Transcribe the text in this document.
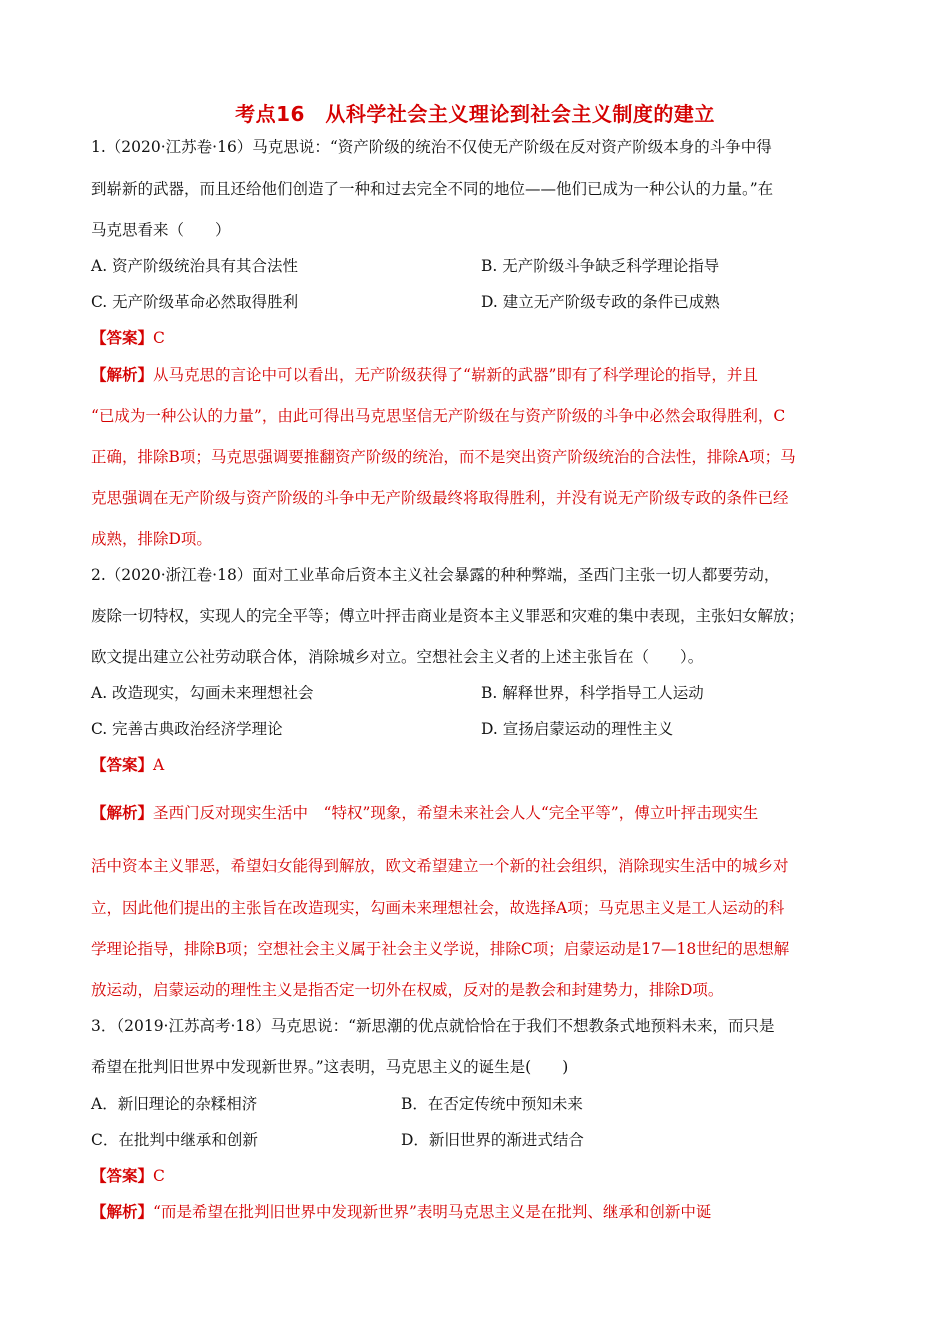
考点16　从科学社会主义理论到社会主义制度的建立
1.（2020·江苏卷·16）马克思说：“资产阶级的统治不仅使无产阶级在反对资产阶级本身的斗争中得
到崭新的武器，而且还给他们创造了一种和过去完全不同的地位——他们已成为一种公认的力量。”在
马克思看来（　　）
A. 资产阶级统治具有其合法性	B. 无产阶级斗争缺乏科学理论指导
C. 无产阶级革命必然取得胜利	D. 建立无产阶级专政的条件已成熟
【答案】C
【解析】从马克思的言论中可以看出，无产阶级获得了“崭新的武器”即有了科学理论的指导，并且
“已成为一种公认的力量”，由此可得出马克思坚信无产阶级在与资产阶级的斗争中必然会取得胜利，C
正确，排除B项；马克思强调要推翻资产阶级的统治，而不是突出资产阶级统治的合法性，排除A项；马
克思强调在无产阶级与资产阶级的斗争中无产阶级最终将取得胜利，并没有说无产阶级专政的条件已经
成熟，排除D项。
2.（2020·浙江卷·18）面对工业革命后资本主义社会暴露的种种弊端，圣西门主张一切人都要劳动，
废除一切特权，实现人的完全平等；傅立叶抨击商业是资本主义罪恶和灾难的集中表现，主张妇女解放；
欧文提出建立公社劳动联合体，消除城乡对立。空想社会主义者的上述主张旨在（　　）。
A. 改造现实，勾画未来理想社会	B. 解释世界，科学指导工人运动
C. 完善古典政治经济学理论	D. 宣扬启蒙运动的理性主义
【答案】A
【解析】圣西门反对现实生活中　“特权”现象，希望未来社会人人“完全平等”，傅立叶抨击现实生
活中资本主义罪恶，希望妇女能得到解放，欧文希望建立一个新的社会组织，消除现实生活中的城乡对
立，因此他们提出的主张旨在改造现实，勾画未来理想社会，故选择A项；马克思主义是工人运动的科
学理论指导，排除B项；空想社会主义属于社会主义学说，排除C项；启蒙运动是17—18世纪的思想解
放运动，启蒙运动的理性主义是指否定一切外在权威，反对的是教会和封建势力，排除D项。
3．（2019·江苏高考·18）马克思说：“新思潮的优点就恰恰在于我们不想教条式地预料未来，而只是
希望在批判旧世界中发现新世界。”这表明，马克思主义的诞生是(　　)
A．新旧理论的杂糅相济	B．在否定传统中预知未来
C．在批判中继承和创新	D．新旧世界的渐进式结合
【答案】C
【解析】“而是希望在批判旧世界中发现新世界”表明马克思主义是在批判、继承和创新中诞
